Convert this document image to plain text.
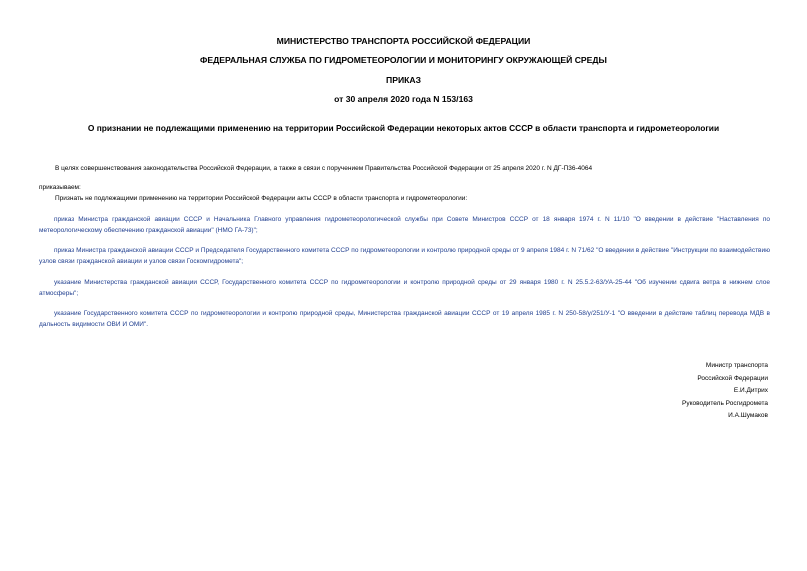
МИНИСТЕРСТВО ТРАНСПОРТА РОССИЙСКОЙ ФЕДЕРАЦИИ
ФЕДЕРАЛЬНАЯ СЛУЖБА ПО ГИДРОМЕТЕОРОЛОГИИ И МОНИТОРИНГУ ОКРУЖАЮЩЕЙ СРЕДЫ
ПРИКАЗ
от 30 апреля 2020 года N 153/163
О признании не подлежащими применению на территории Российской Федерации некоторых актов СССР в области транспорта и гидрометеорологии
В целях совершенствования законодательства Российской Федерации, а также в связи с поручением Правительства Российской Федерации от 25 апреля 2020 г. N ДГ-П36-4064
приказываем:
Признать не подлежащими применению на территории Российской Федерации акты СССР в области транспорта и гидрометеорологии:
приказ Министра гражданской авиации СССР и Начальника Главного управления гидрометеорологической службы при Совете Министров СССР от 18 января 1974 г. N 11/10 "О введении в действие "Наставления по метеорологическому обеспечению гражданской авиации" (НМО ГА-73)";
приказ Министра гражданской авиации СССР и Председателя Государственного комитета СССР по гидрометеорологии и контролю природной среды от 9 апреля 1984 г. N 71/62 "О введении в действие "Инструкции по взаимодействию узлов связи гражданской авиации и узлов связи Госкомгидромета";
указание Министерства гражданской авиации СССР, Государственного комитета СССР по гидрометеорологии и контролю природной среды от 29 января 1980 г. N 25.5.2-63/УА-25-44 "Об изучении сдвига ветра в нижнем слое атмосферы";
указание Государственного комитета СССР по гидрометеорологии и контролю природной среды, Министерства гражданской авиации СССР от 19 апреля 1985 г. N 250-58/у/251/У-1 "О введении в действие таблиц перевода МДВ в дальность видимости ОВИ И ОМИ".
Министр транспорта
Российской Федерации
Е.И.Дитрих
Руководитель Росгидромета
И.А.Шумаков
